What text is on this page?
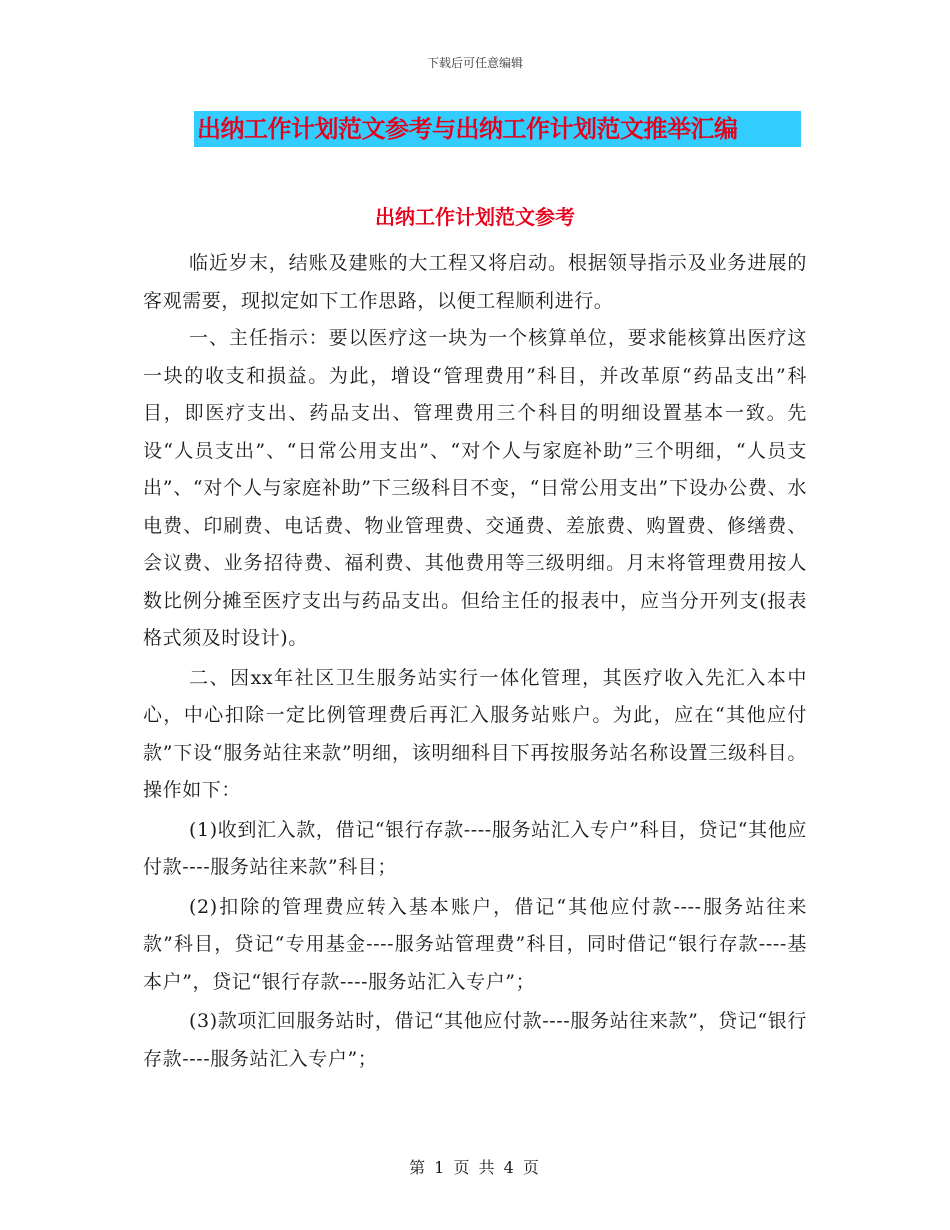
下载后可任意编辑
出纳工作计划范文参考与出纳工作计划范文推举汇编
出纳工作计划范文参考

临近岁末，结账及建账的大工程又将启动。根据领导指示及业务进展的客观需要，现拟定如下工作思路，以便工程顺利进行。

一、主任指示：要以医疗这一块为一个核算单位，要求能核算出医疗这一块的收支和损益。为此，增设“管理费用”科目，并改革原“药品支出”科目，即医疗支出、药品支出、管理费用三个科目的明细设置基本一致。先设“人员支出”、“日常公用支出”、“对个人与家庭补助”三个明细，“人员支出”、“对个人与家庭补助”下三级科目不变，“日常公用支出”下设办公费、水电费、印刷费、电话费、物业管理费、交通费、差旅费、购置费、修缮费、会议费、业务招待费、福利费、其他费用等三级明细。月末将管理费用按人数比例分摊至医疗支出与药品支出。但给主任的报表中，应当分开列支(报表格式须及时设计)。

二、因xx年社区卫生服务站实行一体化管理，其医疗收入先汇入本中心，中心扣除一定比例管理费后再汇入服务站账户。为此，应在“其他应付款”下设“服务站往来款”明细，该明细科目下再按服务站名称设置三级科目。操作如下：

(1)收到汇入款，借记“银行存款----服务站汇入专户”科目，贷记“其他应付款----服务站往来款”科目；

(2)扣除的管理费应转入基本账户，借记“其他应付款----服务站往来款”科目，贷记“专用基金----服务站管理费”科目，同时借记“银行存款----基本户”，贷记“银行存款----服务站汇入专户”；

(3)款项汇回服务站时，借记“其他应付款----服务站往来款”，贷记“银行存款----服务站汇入专户”；

第 1 页 共 4 页
